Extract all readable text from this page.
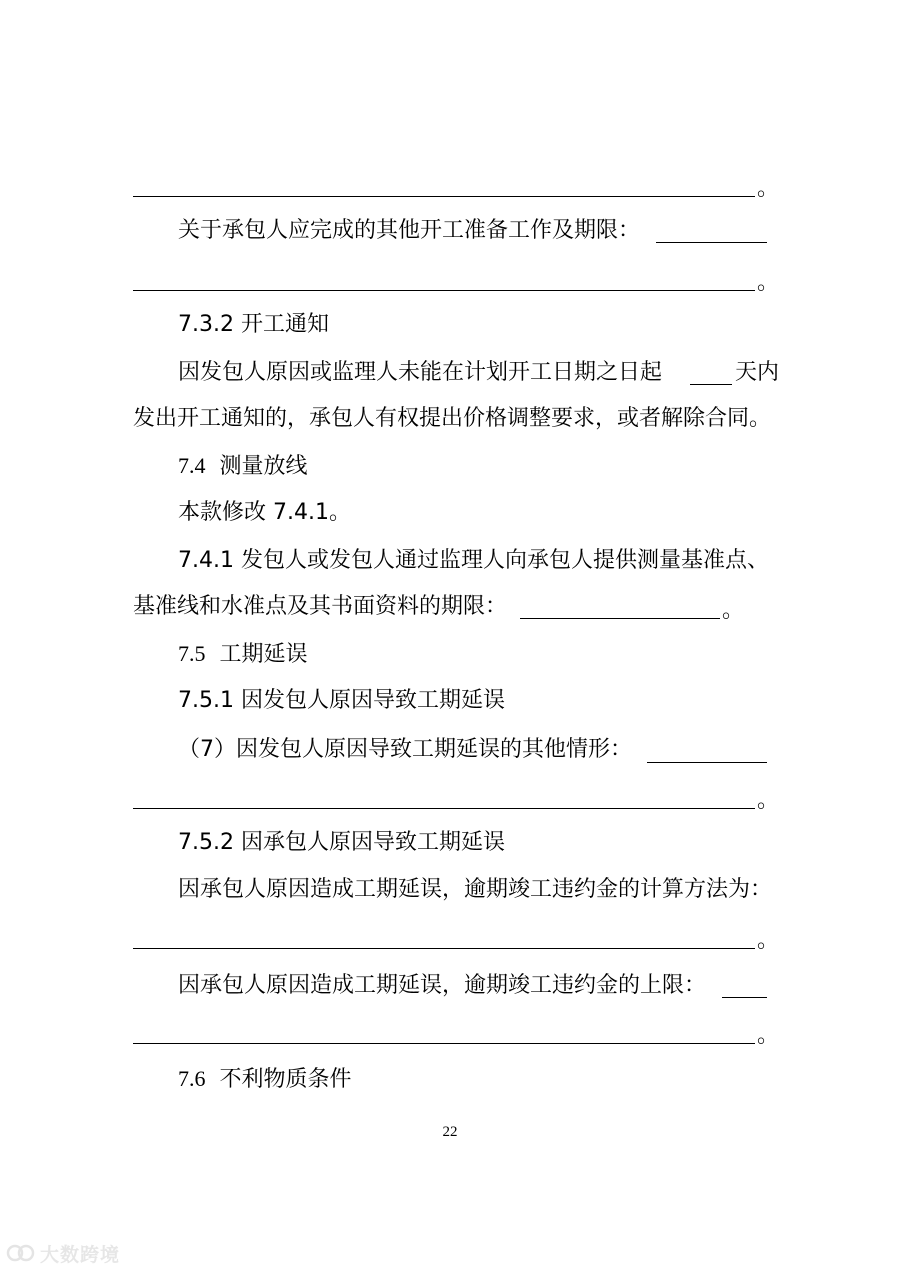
。
关于承包人应完成的其他开工准备工作及期限：
。
7.3.2 开工通知
因发包人原因或监理人未能在计划开工日期之日起	天内
发出开工通知的，承包人有权提出价格调整要求，或者解除合同。
7.4 测量放线
本款修改 7.4.1。
7.4.1 发包人或发包人通过监理人向承包人提供测量基准点、
基准线和水准点及其书面资料的期限：	。
7.5 工期延误
7.5.1 因发包人原因导致工期延误
（7）因发包人原因导致工期延误的其他情形：
。
7.5.2 因承包人原因导致工期延误
因承包人原因造成工期延误，逾期竣工违约金的计算方法为：
。
因承包人原因造成工期延误，逾期竣工违约金的上限：
。
7.6 不利物质条件
22
大数跨境
